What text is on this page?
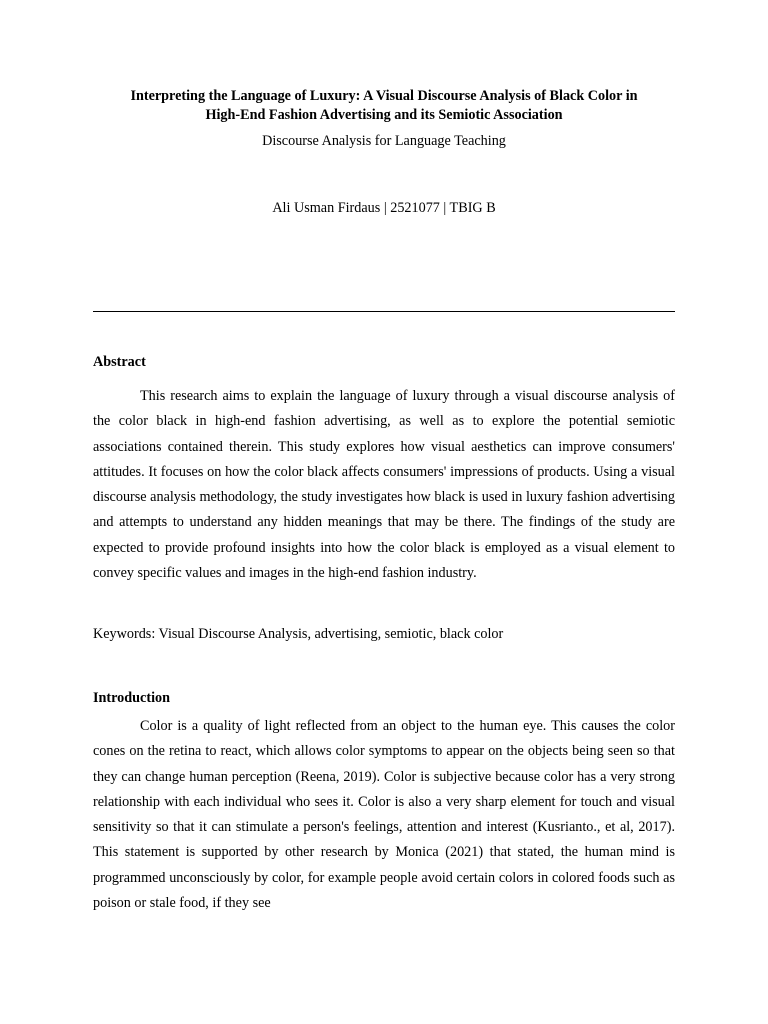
Interpreting the Language of Luxury: A Visual Discourse Analysis of Black Color in
High-End Fashion Advertising and its Semiotic Association
Discourse Analysis for Language Teaching
Ali Usman Firdaus | 2521077 | TBIG B
Abstract
This research aims to explain the language of luxury through a visual discourse analysis of the color black in high-end fashion advertising, as well as to explore the potential semiotic associations contained therein. This study explores how visual aesthetics can improve consumers' attitudes. It focuses on how the color black affects consumers' impressions of products. Using a visual discourse analysis methodology, the study investigates how black is used in luxury fashion advertising and attempts to understand any hidden meanings that may be there. The findings of the study are expected to provide profound insights into how the color black is employed as a visual element to convey specific values and images in the high-end fashion industry.
Keywords: Visual Discourse Analysis, advertising, semiotic, black color
Introduction
Color is a quality of light reflected from an object to the human eye. This causes the color cones on the retina to react, which allows color symptoms to appear on the objects being seen so that they can change human perception (Reena, 2019). Color is subjective because color has a very strong relationship with each individual who sees it. Color is also a very sharp element for touch and visual sensitivity so that it can stimulate a person's feelings, attention and interest (Kusrianto., et al, 2017). This statement is supported by other research by Monica (2021) that stated, the human mind is programmed unconsciously by color, for example people avoid certain colors in colored foods such as poison or stale food, if they see
